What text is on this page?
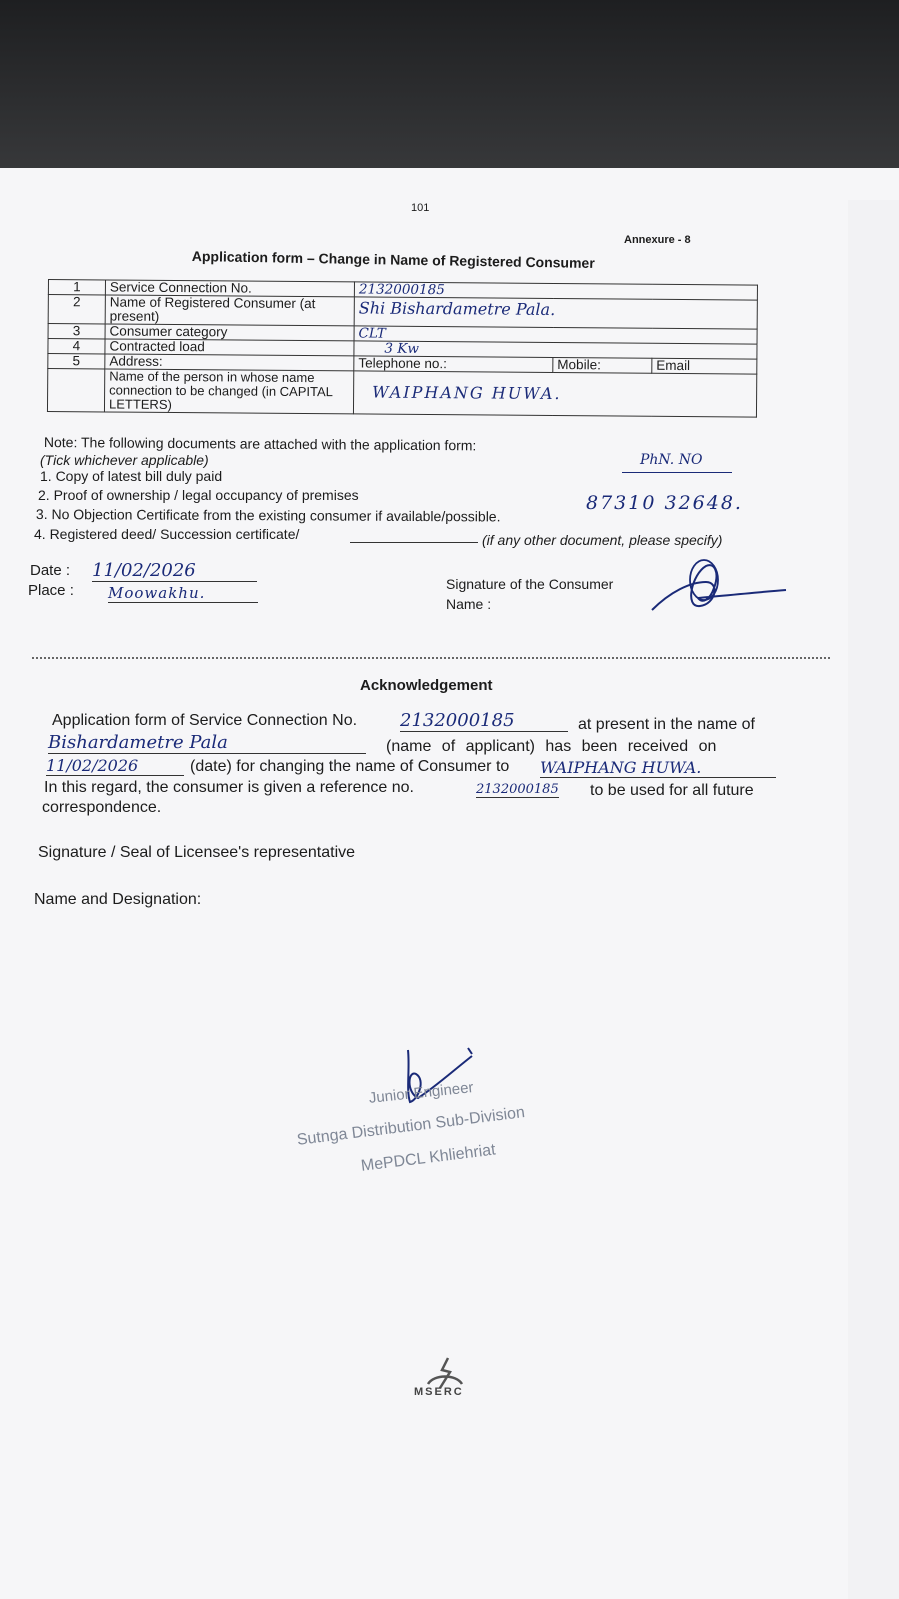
101
Annexure - 8
Application form – Change in Name of Registered Consumer
1	Service Connection No.	2132000185		
2	Name of Registered Consumer (at present)	Shi Bishardametre Pala.		
3	Consumer category	CLT		
4	Contracted load	3 Kw		
5	Address:	Telephone no.:	Mobile:	Email
	Name of the person in whose name connection to be changed (in CAPITAL LETTERS)	WAIPHANG HUWA.		
Note: The following documents are attached with the application form:
(Tick whichever applicable)
1. Copy of latest bill duly paid
2. Proof of ownership / legal occupancy of premises
3. No Objection Certificate from the existing consumer if available/possible.
4. Registered deed/ Succession certificate/	(if any other document, please specify)
PhN. NO
87310 32648.
Date : 11/02/2026
Place : Moowakhu.	Signature of the Consumer
Name :
Acknowledgement
Application form of Service Connection No. 2132000185	at present in the name of
Bishardametre Pala	(name of applicant) has been received on
11/02/2026	(date) for changing the name of Consumer to WAIPHANG HUWA.
In this regard, the consumer is given a reference no.	2132000185 to be used for all future
correspondence.
Signature / Seal of Licensee's representative
Name and Designation:
Junior Engineer
Sutnga Distribution Sub-Division
MePDCL Khliehriat
MSERC
